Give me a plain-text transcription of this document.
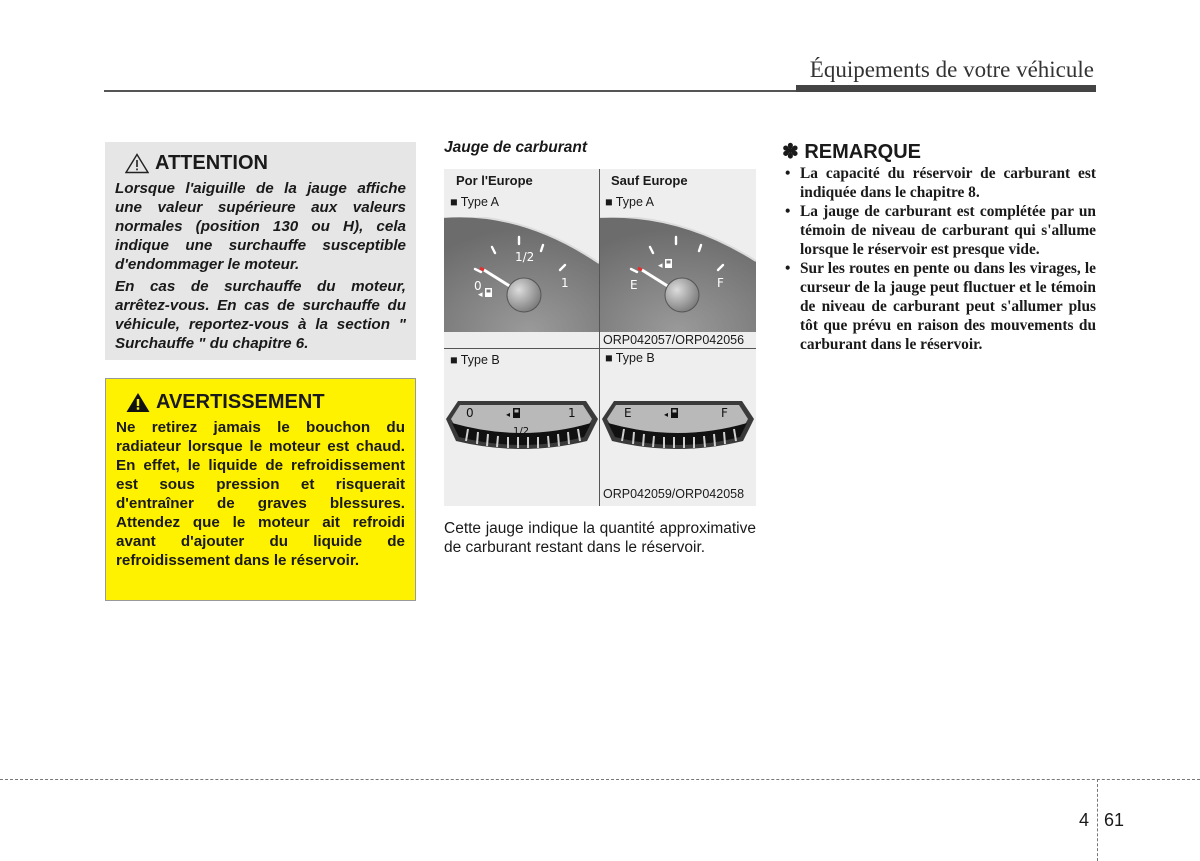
Équipements de votre véhicule
ATTENTION

Lorsque l'aiguille de la jauge affiche une valeur supérieure aux valeurs normales (position 130 ou H), cela indique une surchauffe susceptible d'endommager le moteur.

En cas de surchauffe du moteur, arrêtez-vous. En cas de surchauffe du véhicule, reportez-vous à la section " Surchauffe " du chapitre 6.

AVERTISSEMENT

Ne retirez jamais le bouchon du radiateur lorsque le moteur est chaud. En effet, le liquide de refroidissement est sous pression et risquerait d'entraîner de graves blessures. Attendez que le moteur ait refroidi avant d'ajouter du liquide de refroidissement dans le réservoir.

Jauge de carburant
Por l'Europe	Sauf Europe
■ Type A	■ Type A
◂
0
1/2
1
◂
E	F
ORP042057/ORP042056
■ Type B	■ Type B
0
1/2
1
◂	E	F
◂
ORP042059/ORP042058
Cette jauge indique la quantité approximative de carburant restant dans le réservoir.
✽ REMARQUE
• La capacité du réservoir de carburant est indiquée dans le chapitre 8.
• La jauge de carburant est complétée par un témoin de niveau de carburant qui s'allume lorsque le réservoir est presque vide.
• Sur les routes en pente ou dans les virages, le curseur de la jauge peut fluctuer et le témoin de niveau de carburant peut s'allumer plus tôt que prévu en raison des mouvements du carburant dans le réservoir.
4 61
